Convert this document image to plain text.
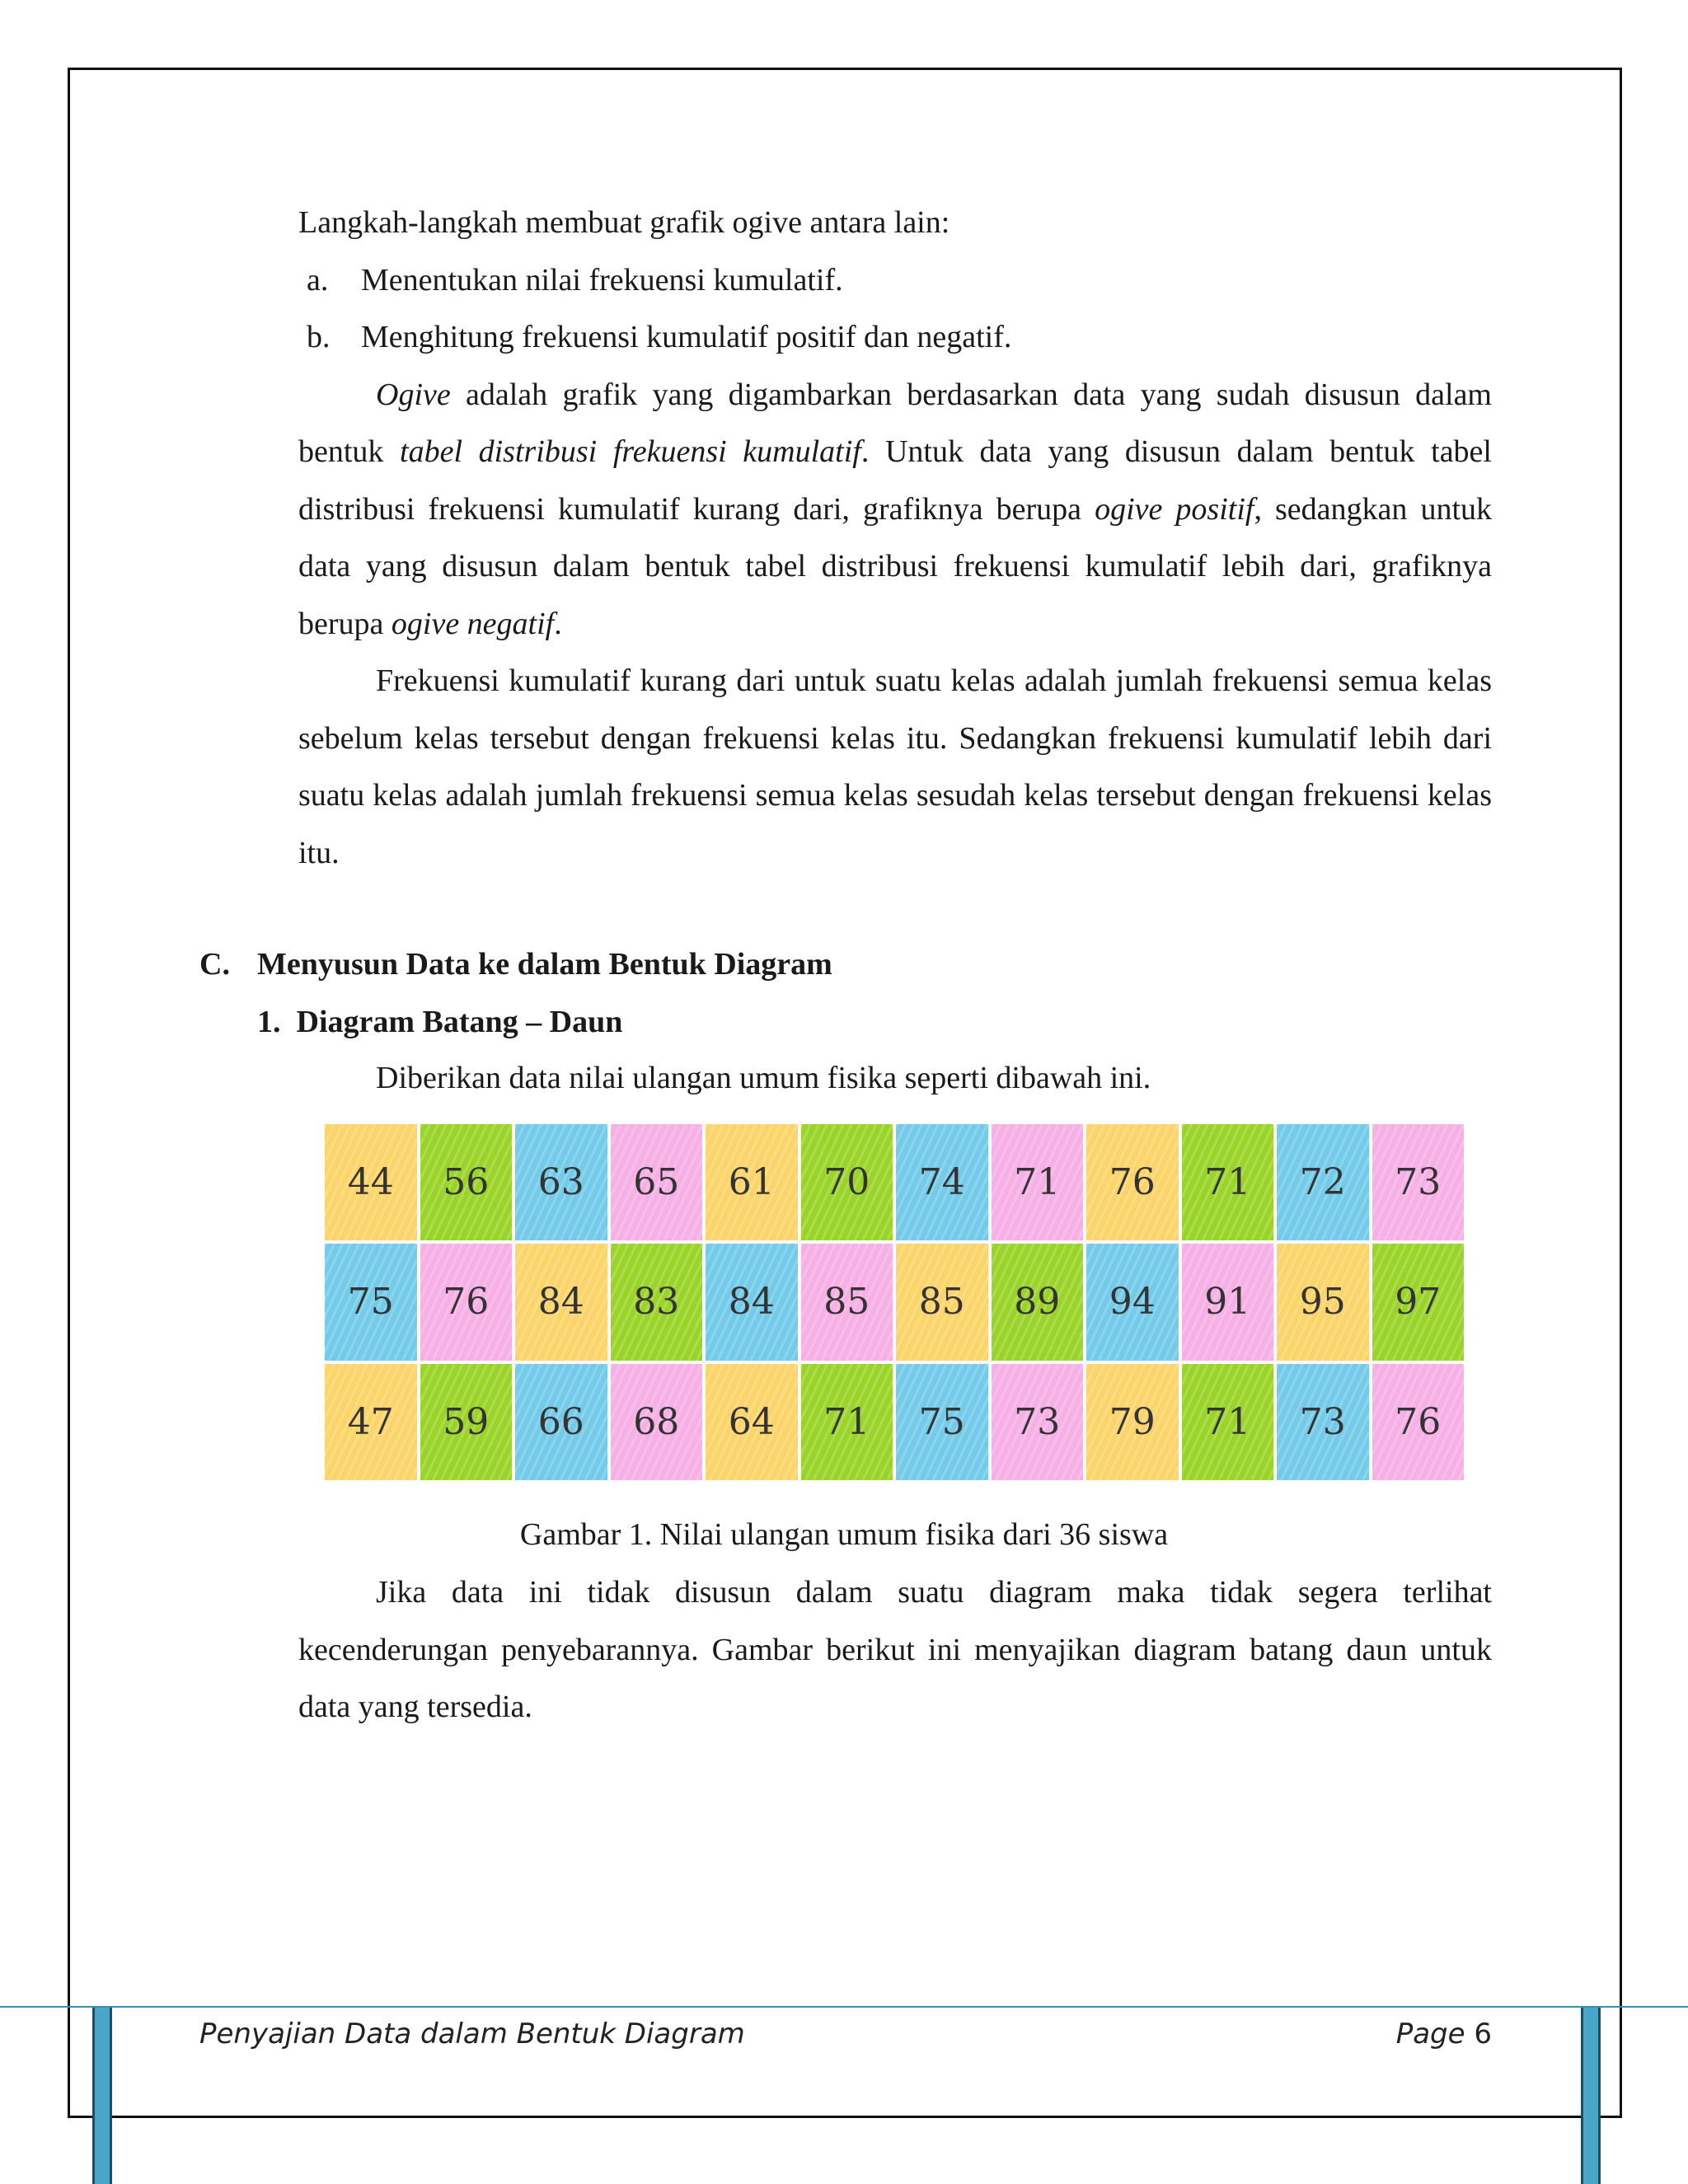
Langkah-langkah membuat grafik ogive antara lain:
a. Menentukan nilai frekuensi kumulatif.
b. Menghitung frekuensi kumulatif positif dan negatif.

Ogive adalah grafik yang digambarkan berdasarkan data yang sudah disusun dalam bentuk tabel distribusi frekuensi kumulatif. Untuk data yang disusun dalam bentuk tabel distribusi frekuensi kumulatif kurang dari, grafiknya berupa ogive positif, sedangkan untuk data yang disusun dalam bentuk tabel distribusi frekuensi kumulatif lebih dari, grafiknya berupa ogive negatif.

Frekuensi kumulatif kurang dari untuk suatu kelas adalah jumlah frekuensi semua kelas sebelum kelas tersebut dengan frekuensi kelas itu. Sedangkan frekuensi kumulatif lebih dari suatu kelas adalah jumlah frekuensi semua kelas sesudah kelas tersebut dengan frekuensi kelas itu.

C. Menyusun Data ke dalam Bentuk Diagram
1.  Diagram Batang – Daun
Diberikan data nilai ulangan umum fisika seperti dibawah ini.
44	56	63	65	61	70	74	71	76	71	72	73
75	76	84	83	84	85	85	89	94	91	95	97
47	59	66	68	64	71	75	73	79	71	73	76
Gambar 1. Nilai ulangan umum fisika dari 36 siswa

Jika data ini tidak disusun dalam suatu diagram maka tidak segera terlihat kecenderungan penyebarannya. Gambar berikut ini menyajikan diagram batang daun untuk data yang tersedia.

Penyajian Data dalam Bentuk Diagram	Page 6
